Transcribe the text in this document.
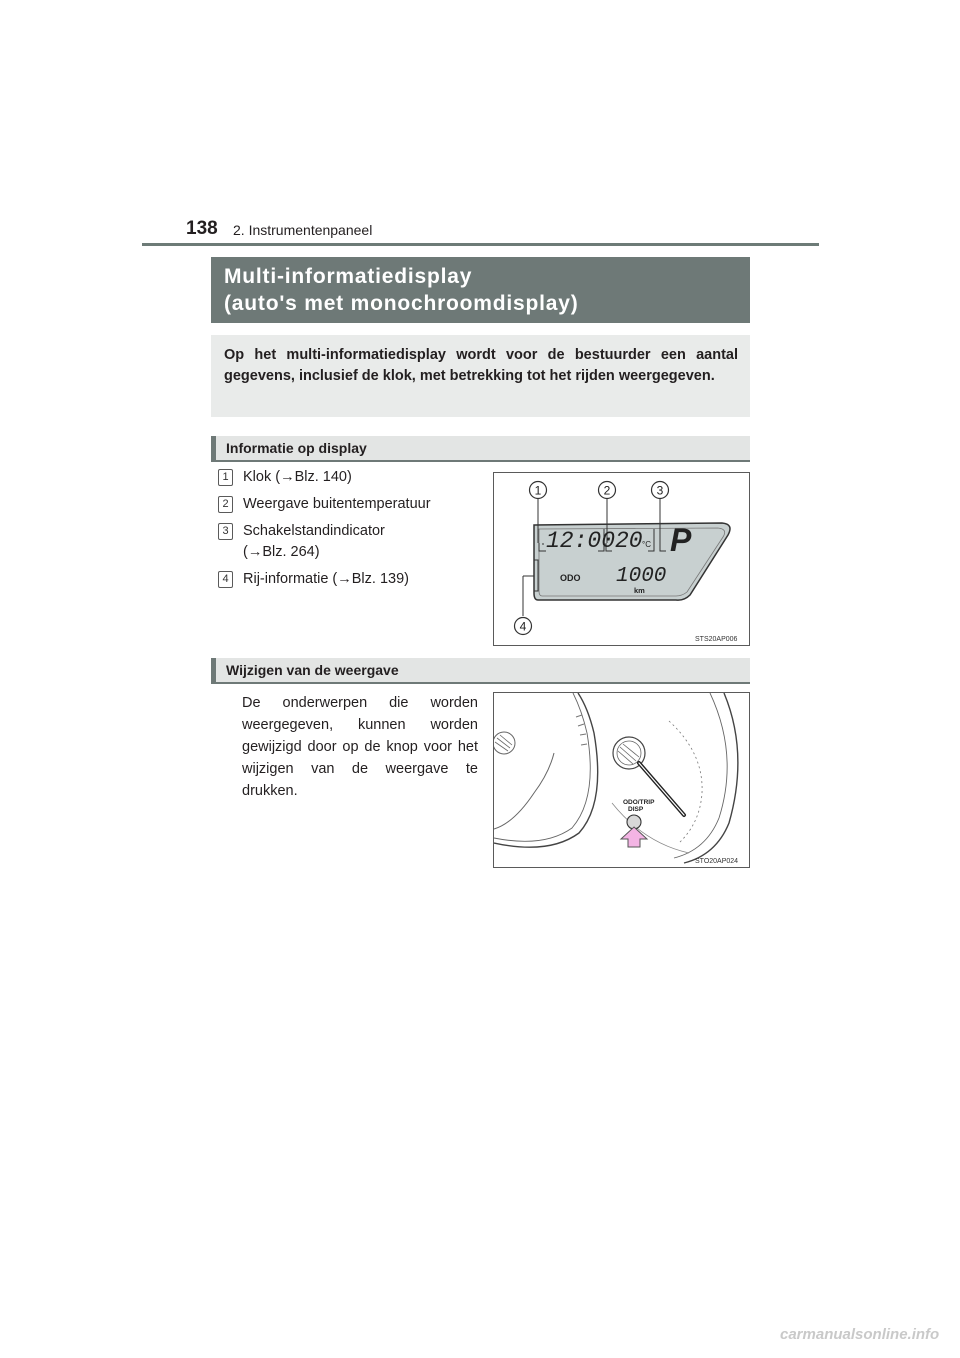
138 2. Instrumentenpaneel
Multi-informatiedisplay
(auto's met monochroomdisplay)
Op het multi-informatiedisplay wordt voor de bestuurder een aantal gegevens, inclusief de klok, met betrekking tot het rijden weergegeven.
Informatie op display
1 Klok (→Blz. 140)
2 Weergave buitentemperatuur
3 Schakelstandindicator
(→Blz. 264)
4 Rij-informatie (→Blz. 139)
1	2	3
4
12:00 20 °C P
ODO 1000
km
STS20AP006
Wijzigen van de weergave
De onderwerpen die worden weergegeven, kunnen worden gewijzigd door op de knop voor het wijzigen van de weergave te drukken.
ODO/TRIP
DISP
STO20AP024
carmanualsonline.info
